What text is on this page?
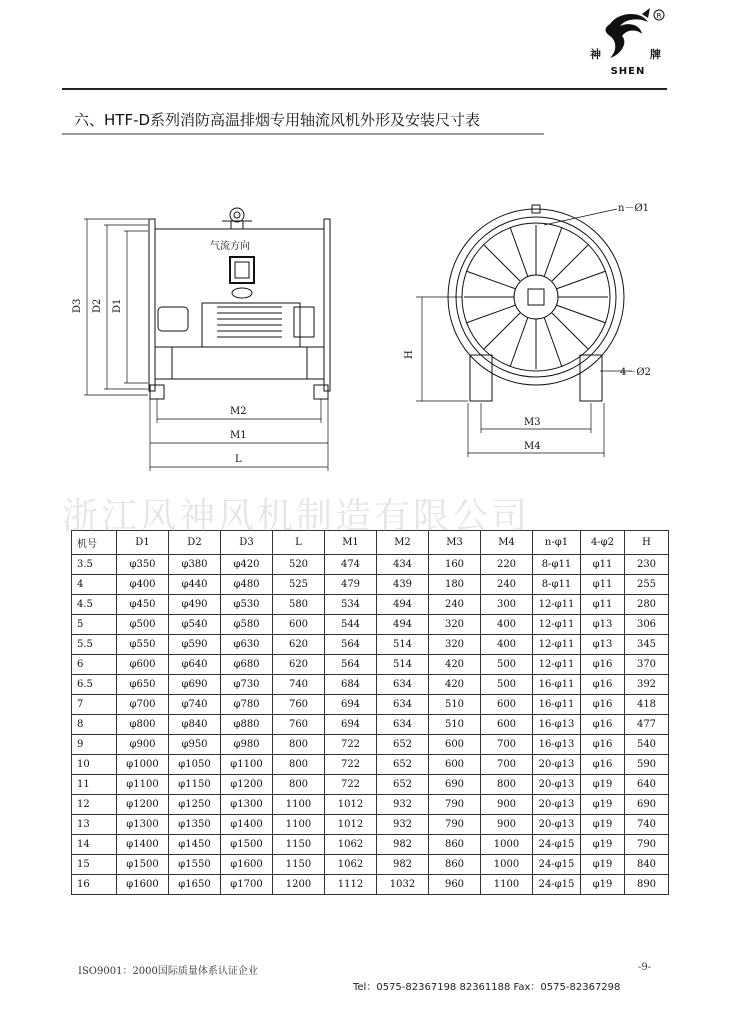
R
神	牌
SHEN
六、HTF-D系列消防高温排烟专用轴流风机外形及安装尺寸表
气流方向
D3 D2 D1
M2
M1
L
n－Ø1
4－Ø2
H
M3
M4
浙江风神风机制造有限公司
机号	D1	D2	D3	L	M1	M2	M3	M4	n-φ1	4-φ2	H
3.5	φ350	φ380	φ420	520	474	434	160	220	8-φ11	φ11	230
4	φ400	φ440	φ480	525	479	439	180	240	8-φ11	φ11	255
4.5	φ450	φ490	φ530	580	534	494	240	300	12-φ11	φ11	280
5	φ500	φ540	φ580	600	544	494	320	400	12-φ11	φ13	306
5.5	φ550	φ590	φ630	620	564	514	320	400	12-φ11	φ13	345
6	φ600	φ640	φ680	620	564	514	420	500	12-φ11	φ16	370
6.5	φ650	φ690	φ730	740	684	634	420	500	16-φ11	φ16	392
7	φ700	φ740	φ780	760	694	634	510	600	16-φ11	φ16	418
8	φ800	φ840	φ880	760	694	634	510	600	16-φ13	φ16	477
9	φ900	φ950	φ980	800	722	652	600	700	16-φ13	φ16	540
10	φ1000	φ1050	φ1100	800	722	652	600	700	20-φ13	φ16	590
11	φ1100	φ1150	φ1200	800	722	652	690	800	20-φ13	φ19	640
12	φ1200	φ1250	φ1300	1100	1012	932	790	900	20-φ13	φ19	690
13	φ1300	φ1350	φ1400	1100	1012	932	790	900	20-φ13	φ19	740
14	φ1400	φ1450	φ1500	1150	1062	982	860	1000	24-φ15	φ19	790
15	φ1500	φ1550	φ1600	1150	1062	982	860	1000	24-φ15	φ19	840
16	φ1600	φ1650	φ1700	1200	1112	1032	960	1100	24-φ15	φ19	890
ISO9001：2000国际质量体系认证企业	-9-
Tel：0575-82367198 82361188 Fax：0575-82367298
